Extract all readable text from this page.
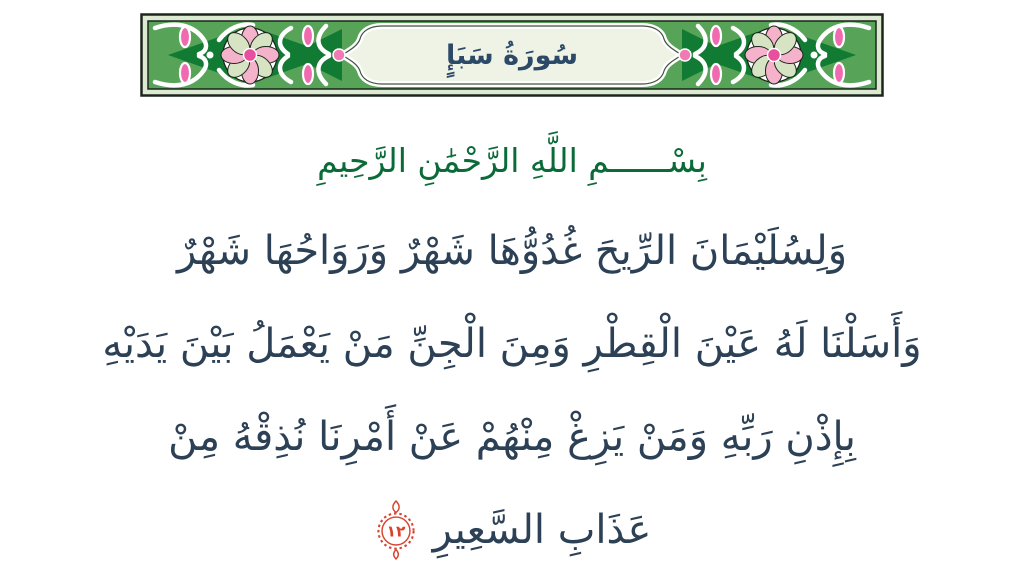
سُورَةُ سَبَإٍ
بِسْــــــمِ اللَّهِ الرَّحْمَٰنِ الرَّحِيمِ
وَلِسُلَيْمَانَ الرِّيحَ غُدُوُّهَا شَهْرٌ وَرَوَاحُهَا شَهْرٌ
وَأَسَلْنَا لَهُ عَيْنَ الْقِطْرِ وَمِنَ الْجِنِّ مَنْ يَعْمَلُ بَيْنَ يَدَيْهِ
بِإِذْنِ رَبِّهِ وَمَنْ يَزِغْ مِنْهُمْ عَنْ أَمْرِنَا نُذِقْهُ مِنْ
عَذَابِ السَّعِيرِ
١٢
